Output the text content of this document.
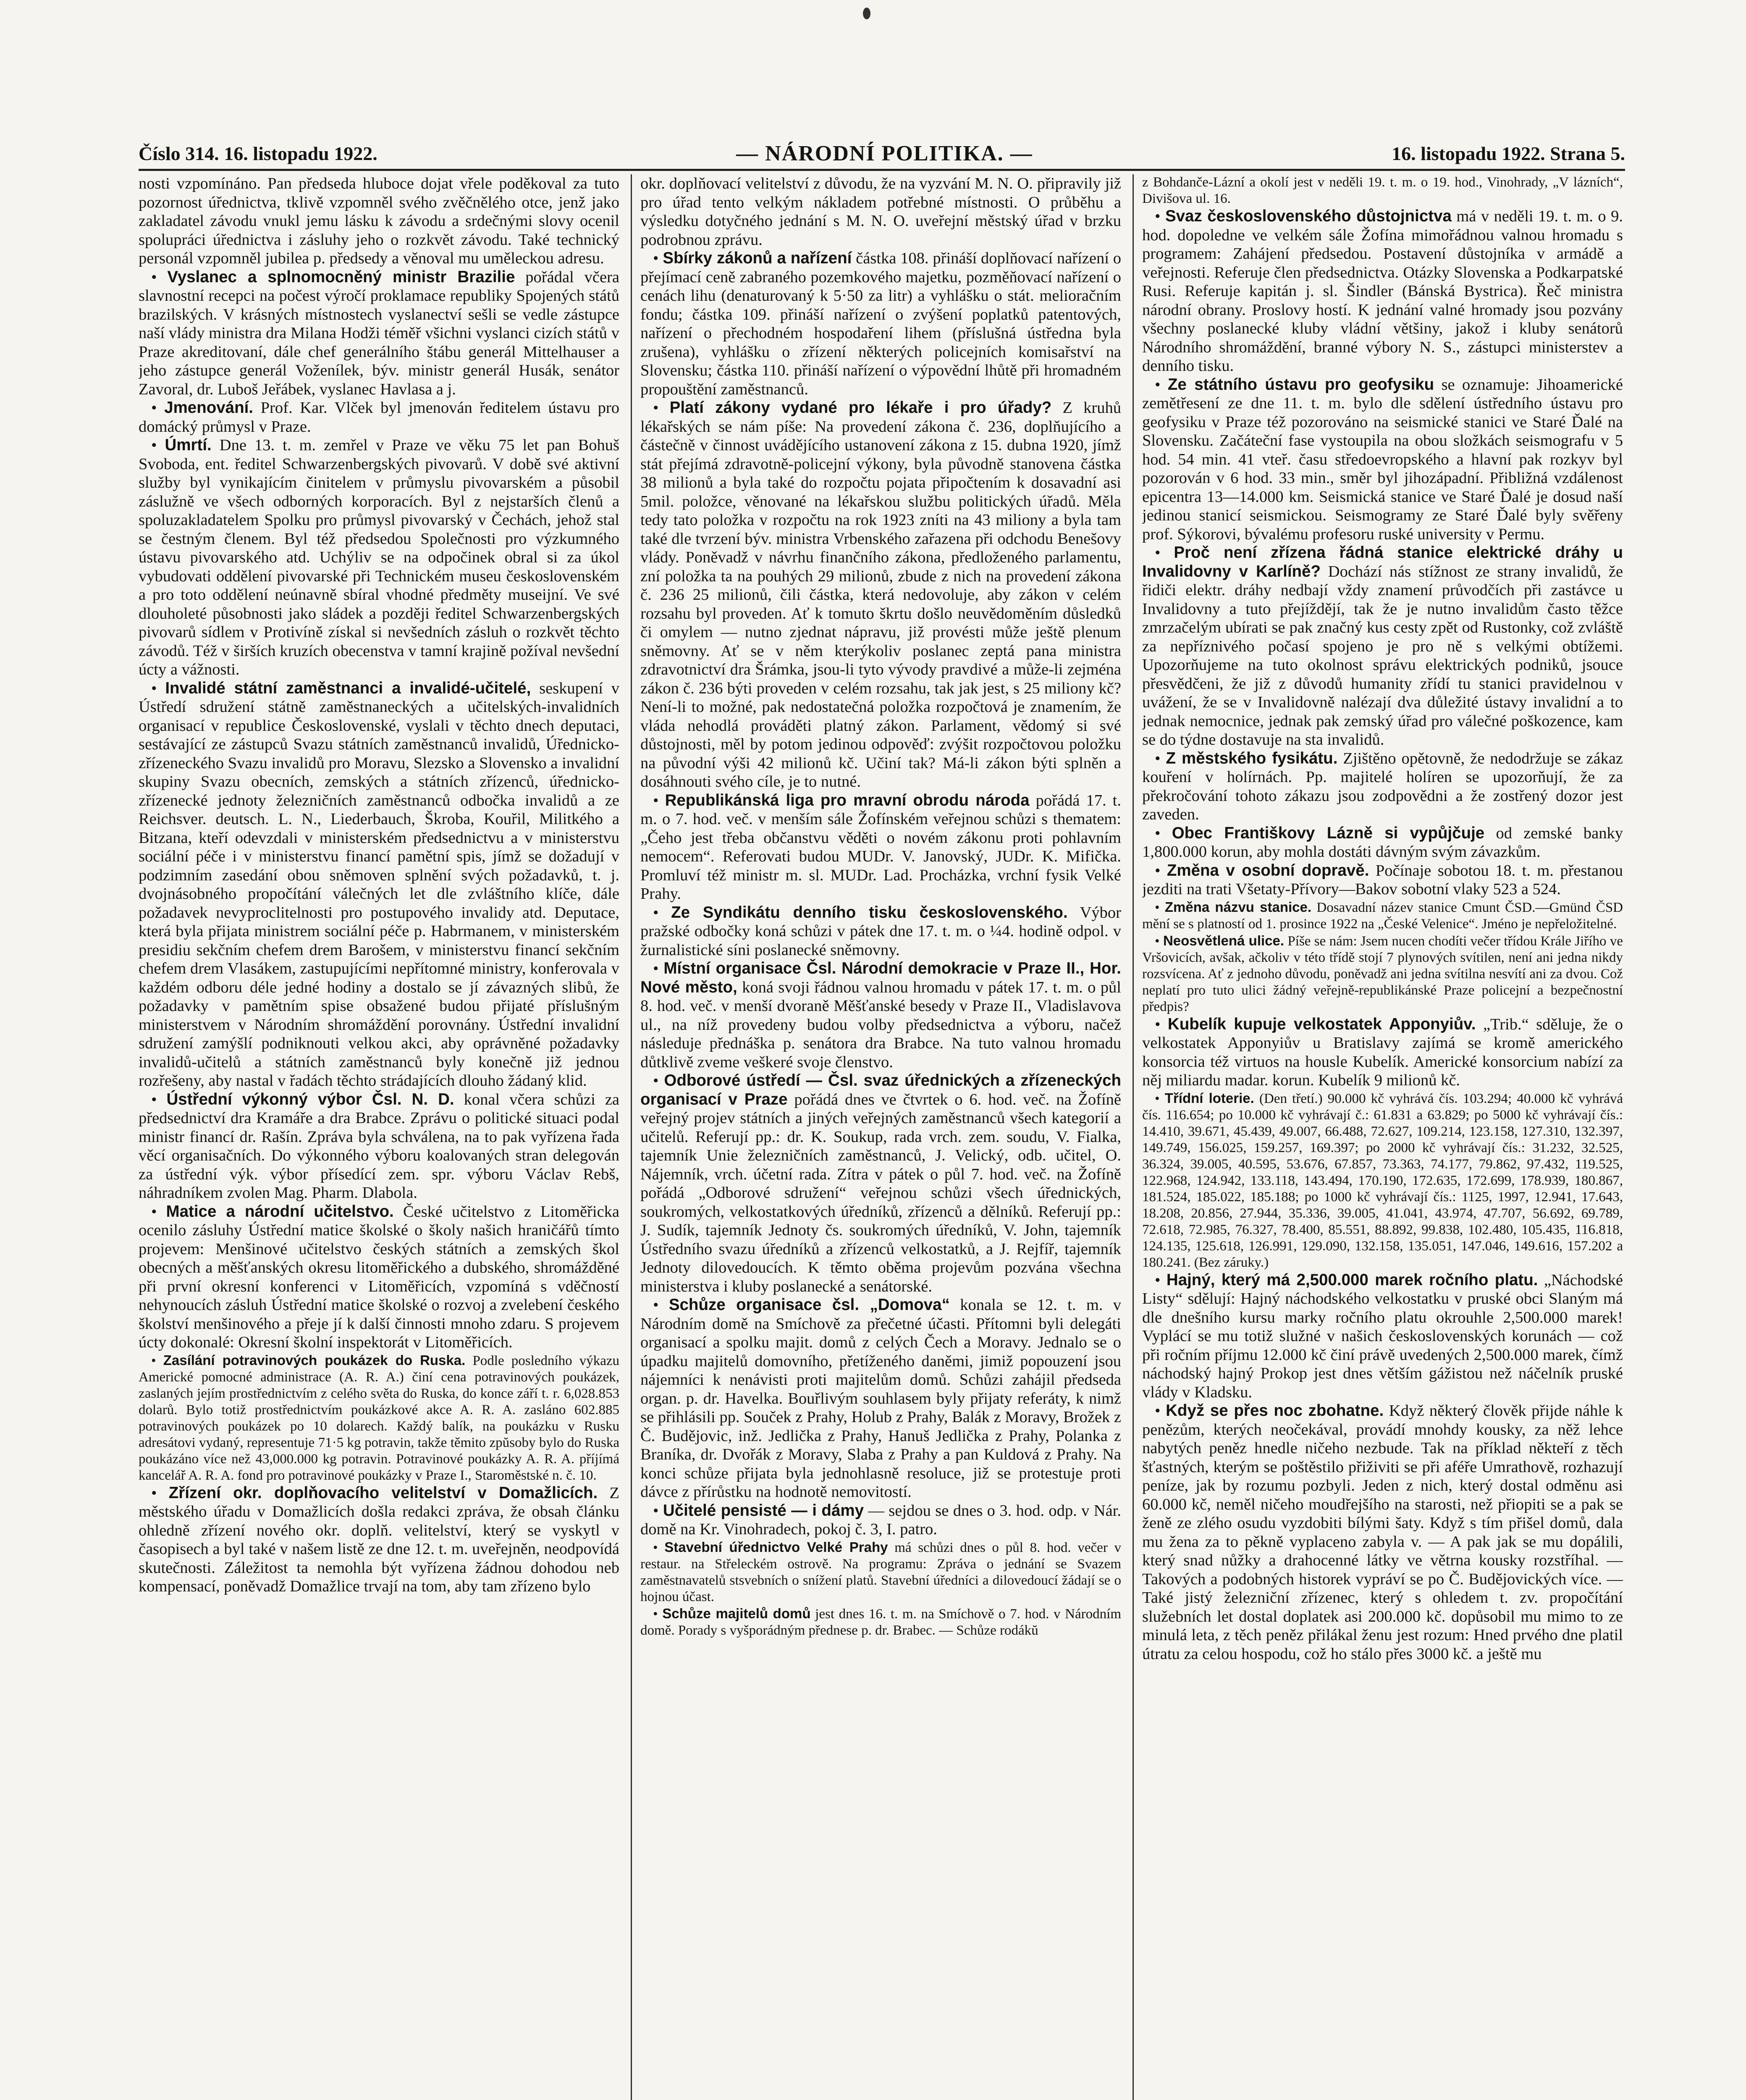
Číslo 314. 16. listopadu 1922.	— NÁRODNÍ POLITIKA. —	16. listopadu 1922. Strana 5.

nosti vzpomínáno. Pan předseda hluboce dojat vřele poděkoval za tuto pozornost úřednictva, tklivě vzpomněl svého zvěčnělého otce, jenž jako zakladatel závodu vnukl jemu lásku k závodu a srdečnými slovy ocenil spolupráci úřednictva i zásluhy jeho o rozkvět závodu. Také technický personál vzpomněl jubilea p. předsedy a věnoval mu uměleckou adresu.

• Vyslanec a splnomocněný ministr Brazilie pořádal včera slavnostní recepci na počest výročí proklamace republiky Spojených států brazilských. V krásných místnostech vyslanectví sešli se vedle zástupce naší vlády ministra dra Milana Hodži téměř všichni vyslanci cizích států v Praze akreditovaní, dále chef generálního štábu generál Mittelhauser a jeho zástupce generál Voženílek, býv. ministr generál Husák, senátor Zavoral, dr. Luboš Jeřábek, vyslanec Havlasa a j.

• Jmenování. Prof. Kar. Vlček byl jmenován ředitelem ústavu pro domácký průmysl v Praze.

• Úmrtí. Dne 13. t. m. zemřel v Praze ve věku 75 let pan Bohuš Svoboda, ent. ředitel Schwarzenbergských pivovarů. V době své aktivní služby byl vynikajícím činitelem v průmyslu pivovarském a působil záslužně ve všech odborných korporacích. Byl z nejstarších členů a spoluzakladatelem Spolku pro průmysl pivovarský v Čechách, jehož stal se čestným členem. Byl též předsedou Společnosti pro výzkumného ústavu pivovarského atd. Uchýliv se na odpočinek obral si za úkol vybudovati oddělení pivovarské při Technickém museu československém a pro toto oddělení neúnavně sbíral vhodné předměty museijní. Ve své dlouholeté působnosti jako sládek a později ředitel Schwarzenbergských pivovarů sídlem v Protivíně získal si nevšedních zásluh o rozkvět těchto závodů. Též v širších kruzích obecenstva v tamní krajině požíval nevšední úcty a vážnosti.

• Invalidé státní zaměstnanci a invalidé-učitelé, seskupení v Ústředí sdružení státně zaměstnaneckých a učitelských-invalidních organisací v republice Československé, vyslali v těchto dnech deputaci, sestávající ze zástupců Svazu státních zaměstnanců invalidů, Úřednicko-zřízeneckého Svazu invalidů pro Moravu, Slezsko a Slovensko a invalidní skupiny Svazu obecních, zemských a státních zřízenců, úřednicko-zřízenecké jednoty železničních zaměstnanců odbočka invalidů a ze Reichsver. deutsch. L. N., Liederbauch, Škroba, Kouřil, Militkého a Bitzana, kteří odevzdali v ministerském předsednictvu a v ministerstvu sociální péče i v ministerstvu financí pamětní spis, jímž se dožadují v podzimním zasedání obou sněmoven splnění svých požadavků, t. j. dvojnásobného propočítání válečných let dle zvláštního klíče, dále požadavek nevyproclitelnosti pro postupového invalidy atd. Deputace, která byla přijata ministrem sociální péče p. Habrmanem, v ministerském presidiu sekčním chefem drem Barošem, v ministerstvu financí sekčním chefem drem Vlasákem, zastupujícími nepřítomné ministry, konferovala v každém odboru déle jedné hodiny a dostalo se jí závazných slibů, že požadavky v pamětním spise obsažené budou přijaté příslušným ministerstvem v Národním shromáždění porovnány. Ústřední invalidní sdružení zamýšlí podniknouti velkou akci, aby oprávněné požadavky invalidů-učitelů a státních zaměstnanců byly konečně již jednou rozřešeny, aby nastal v řadách těchto strádajících dlouho žádaný klid.

• Ústřední výkonný výbor Čsl. N. D. konal včera schůzi za předsednictví dra Kramáře a dra Brabce. Zprávu o politické situaci podal ministr financí dr. Rašín. Zpráva byla schválena, na to pak vyřízena řada věcí organisačních. Do výkonného výboru koalovaných stran delegován za ústřední výk. výbor přísedící zem. spr. výboru Václav Rebš, náhradníkem zvolen Mag. Pharm. Dlabola.

• Matice a národní učitelstvo. České učitelstvo z Litoměřicka ocenilo zásluhy Ústřední matice školské o školy našich hraničářů tímto projevem: Menšinové učitelstvo českých státních a zemských škol obecných a měšťanských okresu litoměřického a dubského, shromážděné při první okresní konferenci v Litoměřicích, vzpomíná s vděčností nehynoucích zásluh Ústřední matice školské o rozvoj a zvelebení českého školství menšinového a přeje jí k další činnosti mnoho zdaru. S projevem úcty dokonalé: Okresní školní inspektorát v Litoměřicích.

• Zasílání potravinových poukázek do Ruska. Podle posledního výkazu Americké pomocné administrace (A. R. A.) činí cena potravinových poukázek, zaslaných jejím prostřednictvím z celého světa do Ruska, do konce září t. r. 6,028.853 dolarů. Bylo totiž prostřednictvím poukázkové akce A. R. A. zasláno 602.885 potravinových poukázek po 10 dolarech. Každý balík, na poukázku v Rusku adresátovi vydaný, representuje 71·5 kg potravin, takže těmito zpŭsoby bylo do Ruska poukázáno více než 43,000.000 kg potravin. Potravinové poukázky A. R. A. příjímá kancelář A. R. A. fond pro potravinové poukázky v Praze I., Staroměstské n. č. 10.

• Zřízení okr. doplňovacího velitelství v Domažlicích. Z městského úřadu v Domažlicích došla redakci zpráva, že obsah článku ohledně zřízení nového okr. doplň. velitelství, který se vyskytl v časopisech a byl také v našem listě ze dne 12. t. m. uveřejněn, neodpovídá skutečnosti. Záležitost ta nemohla být vyřízena žádnou dohodou neb kompensací, poněvadž Domažlice trvají na tom, aby tam zřízeno bylo

okr. doplňovací velitelství z důvodu, že na vyzvání M. N. O. připravily již pro úřad tento velkým nákladem potřebné místnosti. O průběhu a výsledku dotyčného jednání s M. N. O. uveřejní městský úřad v brzku podrobnou zprávu.

• Sbírky zákonů a nařízení částka 108. přináší doplňovací nařízení o přejímací ceně zabraného pozemkového majetku, pozměňovací nařízení o cenách lihu (denaturovaný k 5·50 za litr) a vyhlášku o stát. melioračním fondu; částka 109. přináší nařízení o zvýšení poplatků patentových, nařízení o přechodném hospodaření lihem (příslušná ústředna byla zrušena), vyhlášku o zřízení některých policejních komisařství na Slovensku; částka 110. přináší nařízení o výpovědní lhůtě při hromadném propouštění zaměstnanců.

• Platí zákony vydané pro lékaře i pro úřady? Z kruhů lékařských se nám píše: Na provedení zákona č. 236, doplňujícího a částečně v činnost uvádějícího ustanovení zákona z 15. dubna 1920, jímž stát přejímá zdravotně-policejní výkony, byla původně stanovena částka 38 milionů a byla také do rozpočtu pojata připočtením k dosavadní asi 5mil. položce, věnované na lékařskou službu politických úřadů. Měla tedy tato položka v rozpočtu na rok 1923 zníti na 43 miliony a byla tam také dle tvrzení býv. ministra Vrbenského zařazena při odchodu Benešovy vlády. Poněvadž v návrhu finančního zákona, předloženého parlamentu, zní položka ta na pouhých 29 milionů, zbude z nich na provedení zákona č. 236 25 milionů, čili částka, která nedovoluje, aby zákon v celém rozsahu byl proveden. Ať k tomuto škrtu došlo neuvědoměním důsledků či omylem — nutno zjednat nápravu, již provésti může ještě plenum sněmovny. Ať se v něm kterýkoliv poslanec zeptá pana ministra zdravotnictví dra Šrámka, jsou-li tyto vývody pravdivé a může-li zejména zákon č. 236 býti proveden v celém rozsahu, tak jak jest, s 25 miliony kč? Není-li to možné, pak nedostatečná položka rozpočtová je znamením, že vláda nehodlá prováděti platný zákon. Parlament, vědomý si své důstojnosti, měl by potom jedinou odpověď: zvýšit rozpočtovou položku na původní výši 42 milionů kč. Učiní tak? Má-li zákon býti splněn a dosáhnouti svého cíle, je to nutné.

• Republikánská liga pro mravní obrodu národa pořádá 17. t. m. o 7. hod. več. v menším sále Žofínském veřejnou schůzi s thematem: „Čeho jest třeba občanstvu věděti o novém zákonu proti pohlavním nemocem“. Referovati budou MUDr. V. Janovský, JUDr. K. Mifička. Promluví též ministr m. sl. MUDr. Lad. Procházka, vrchní fysik Velké Prahy.

• Ze Syndikátu denního tisku československého. Výbor pražské odbočky koná schůzi v pátek dne 17. t. m. o ¼4. hodině odpol. v žurnalistické síni poslanecké sněmovny.

• Místní organisace Čsl. Národní demokracie v Praze II., Hor. Nové město, koná svoji řádnou valnou hromadu v pátek 17. t. m. o půl 8. hod. več. v menší dvoraně Měšťanské besedy v Praze II., Vladislavova ul., na níž provedeny budou volby předsednictva a výboru, načež následuje přednáška p. senátora dra Brabce. Na tuto valnou hromadu důtklivě zveme veškeré svoje členstvo.

• Odborové ústředí — Čsl. svaz úřednických a zřízeneckých organisací v Praze pořádá dnes ve čtvrtek o 6. hod. več. na Žofíně veřejný projev státních a jiných veřejných zaměstnanců všech kategorií a učitelů. Referují pp.: dr. K. Soukup, rada vrch. zem. soudu, V. Fialka, tajemník Unie železničních zaměstnanců, J. Velický, odb. učitel, O. Nájemník, vrch. účetní rada. Zítra v pátek o půl 7. hod. več. na Žofíně pořádá „Odborové sdružení“ veřejnou schůzi všech úřednických, soukromých, velkostatkových úředníků, zřízenců a dělníků. Referují pp.: J. Sudík, tajemník Jednoty čs. soukromých úředníků, V. John, tajemník Ústředního svazu úředníků a zřízenců velkostatků, a J. Rejfíř, tajemník Jednoty dilovedoucích. K těmto oběma projevům pozvána všechna ministerstva i kluby poslanecké a senátorské.

• Schůze organisace čsl. „Domova“ konala se 12. t. m. v Národním domě na Smíchově za přečetné účasti. Přítomni byli delegáti organisací a spolku majit. domů z celých Čech a Moravy. Jednalo se o úpadku majitelů domovního, přetíženého daněmi, jimiž popouzení jsou nájemníci k nenávisti proti majitelům domů. Schůzi zahájil předseda organ. p. dr. Havelka. Bouřlivým souhlasem byly přijaty referáty, k nimž se přihlásili pp. Souček z Prahy, Holub z Prahy, Balák z Moravy, Brožek z Č. Budějovic, inž. Jedlička z Prahy, Hanuš Jedlička z Prahy, Polanka z Braníka, dr. Dvořák z Moravy, Slaba z Prahy a pan Kuldová z Prahy. Na konci schůze přijata byla jednohlasně resoluce, již se protestuje proti dávce z přírůstku na hodnotě nemovitostí.

• Učitelé pensisté — i dámy — sejdou se dnes o 3. hod. odp. v Nár. domě na Kr. Vinohradech, pokoj č. 3, I. patro.

• Stavební úřednictvo Velké Prahy má schůzi dnes o půl 8. hod. večer v restaur. na Střeleckém ostrově. Na programu: Zpráva o jednání se Svazem zaměstnavatelů stsvebních o snížení platů. Stavební úředníci a dilovedoucí žádají se o hojnou účast.

• Schůze majitelů domů jest dnes 16. t. m. na Smíchově o 7. hod. v Národním domě. Porady s vyšporádným přednese p. dr. Brabec. — Schůze rodákŭ

z Bohdanče-Lázní a okolí jest v neděli 19. t. m. o 19. hod., Vinohrady, „V lázních“, Divišova ul. 16.

• Svaz československého důstojnictva má v neděli 19. t. m. o 9. hod. dopoledne ve velkém sále Žofína mimořádnou valnou hromadu s programem: Zahájení předsedou. Postavení důstojníka v armádě a veřejnosti. Referuje člen předsednictva. Otázky Slovenska a Podkarpatské Rusi. Referuje kapitán j. sl. Šindler (Bánská Bystrica). Řeč ministra národní obrany. Proslovy hostí. K jednání valné hromady jsou pozvány všechny poslanecké kluby vládní většiny, jakož i kluby senátorů Národního shromáždění, branné výbory N. S., zástupci ministerstev a denního tisku.

• Ze státního ústavu pro geofysiku se oznamuje: Jihoamerické zemětřesení ze dne 11. t. m. bylo dle sdělení ústředního ústavu pro geofysiku v Praze též pozorováno na seismické stanici ve Staré Ďalé na Slovensku. Začáteční fase vystoupila na obou složkách seismografu v 5 hod. 54 min. 41 vteř. času středoevropského a hlavní pak rozkyv byl pozorován v 6 hod. 33 min., směr byl jihozápadní. Přibližná vzdálenost epicentra 13—14.000 km. Seismická stanice ve Staré Ďalé je dosud naší jedinou stanicí seismickou. Seismogramy ze Staré Ďalé byly svěřeny prof. Sýkorovi, bývalému profesoru ruské university v Permu.

• Proč není zřízena řádná stanice elektrické dráhy u Invalidovny v Karlíně? Dochází nás stížnost ze strany invalidů, že řidiči elektr. dráhy nedbají vždy znamení průvodčích při zastávce u Invalidovny a tuto přejíždějí, tak že je nutno invalidům často těžce zmrzačelým ubírati se pak značný kus cesty zpět od Rustonky, což zvláště za nepříznivého počasí spojeno je pro ně s velkými obtížemi. Upozorňujeme na tuto okolnost správu elektrických podniků, jsouce přesvědčeni, že již z důvodů humanity zřídí tu stanici pravidelnou v uvážení, že se v Invalidovně nalézají dva důležité ústavy invalidní a to jednak nemocnice, jednak pak zemský úřad pro válečné poškozence, kam se do týdne dostavuje na sta invalidů.

• Z městského fysikátu. Zjištěno opětovně, že nedodržuje se zákaz kouření v holírnách. Pp. majitelé holíren se upozorňují, že za překročování tohoto zákazu jsou zodpovědni a že zostřený dozor jest zaveden.

• Obec Františkovy Lázně si vypůjčuje od zemské banky 1,800.000 korun, aby mohla dostáti dávným svým závazkům.

• Změna v osobní dopravě. Počínaje sobotou 18. t. m. přestanou jezditi na trati Všetaty-Přívory—Bakov sobotní vlaky 523 a 524.

• Změna názvu stanice. Dosavadní název stanice Cmunt ČSD.—Gmünd ČSD mění se s platností od 1. prosince 1922 na „České Velenice“. Jméno je nepřeložitelné.

• Neosvětlená ulice. Píše se nám: Jsem nucen chodíti večer třídou Krále Jiřího ve Vršovicích, avšak, ačkoliv v této třídě stojí 7 plynových svítilen, není ani jedna nikdy rozsvícena. Ať z jednoho důvodu, poněvadž ani jedna svítilna nesvítí ani za dvou. Což neplatí pro tuto ulici žádný veřejně-republikánské Praze policejní a bezpečnostní předpis?

• Kubelík kupuje velkostatek Apponyiův. „Trib.“ sděluje, že o velkostatek Apponyiův u Bratislavy zajímá se kromě amerického konsorcia též virtuos na housle Kubelík. Americké konsorcium nabízí za něj miliardu madar. korun. Kubelík 9 milionů kč.

• Třídní loterie. (Den třetí.) 90.000 kč vyhrává čís. 103.294; 40.000 kč vyhrává čís. 116.654; po 10.000 kč vyhrávají č.: 61.831 a 63.829; po 5000 kč vyhrávají čís.: 14.410, 39.671, 45.439, 49.007, 66.488, 72.627, 109.214, 123.158, 127.310, 132.397, 149.749, 156.025, 159.257, 169.397; po 2000 kč vyhrávají čís.: 31.232, 32.525, 36.324, 39.005, 40.595, 53.676, 67.857, 73.363, 74.177, 79.862, 97.432, 119.525, 122.968, 124.942, 133.118, 143.494, 170.190, 172.635, 172.699, 178.939, 180.867, 181.524, 185.022, 185.188; po 1000 kč vyhrávají čís.: 1125, 1997, 12.941, 17.643, 18.208, 20.856, 27.944, 35.336, 39.005, 41.041, 43.974, 47.707, 56.692, 69.789, 72.618, 72.985, 76.327, 78.400, 85.551, 88.892, 99.838, 102.480, 105.435, 116.818, 124.135, 125.618, 126.991, 129.090, 132.158, 135.051, 147.046, 149.616, 157.202 a 180.241. (Bez záruky.)

• Hajný, který má 2,500.000 marek ročního platu. „Náchodské Listy“ sdělují: Hajný náchodského velkostatku v pruské obci Slaným má dle dnešního kursu marky ročního platu okrouhle 2,500.000 marek! Vyplácí se mu totiž služné v našich československých korunách — což při ročním příjmu 12.000 kč činí právě uvedených 2,500.000 marek, čímž náchodský hajný Prokop jest dnes větším gážistou než náčelník pruské vlády v Kladsku.

• Když se přes noc zbohatne. Když některý člověk přijde náhle k penězům, kterých neočekával, provádí mnohdy kousky, za něž lehce nabytých peněz hnedle ničeho nezbude. Tak na příklad někteří z těch šťastných, kterým se poštěstilo přiživiti se při aféře Umrathově, rozhazují peníze, jak by rozumu pozbyli. Jeden z nich, který dostal odměnu asi 60.000 kč, neměl ničeho moudřejšího na starosti, než přiopiti se a pak se ženě ze zlého osudu vyzdobiti bílými šaty. Když s tím přišel domů, dala mu žena za to pěkně vyplaceno zabyla v. — A pak jak se mu dopálili, který snad nůžky a drahocenné látky ve větrna kousky rozstříhal. — Takových a podobných historek vypráví se po Č. Budějovických více. — Také jistý železniční zřízenec, který s ohledem t. zv. propočítání služebních let dostal doplatek asi 200.000 kč. dopůsobil mu mimo to ze minulá leta, z těch peněz přilákal ženu jest rozum: Hned prvého dne platil útratu za celou hospodu, což ho stálo přes 3000 kč. a ještě mu
